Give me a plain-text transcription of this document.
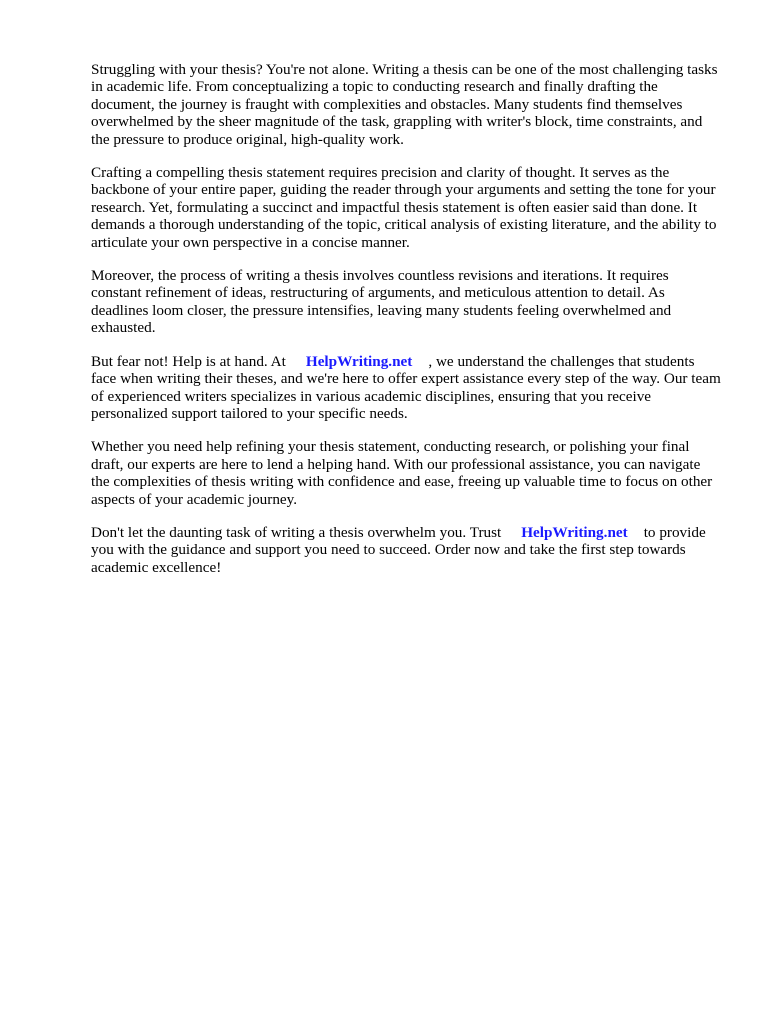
Struggling with your thesis? You're not alone. Writing a thesis can be one of the most challenging tasks in academic life. From conceptualizing a topic to conducting research and finally drafting the document, the journey is fraught with complexities and obstacles. Many students find themselves overwhelmed by the sheer magnitude of the task, grappling with writer's block, time constraints, and the pressure to produce original, high-quality work.

Crafting a compelling thesis statement requires precision and clarity of thought. It serves as the backbone of your entire paper, guiding the reader through your arguments and setting the tone for your research. Yet, formulating a succinct and impactful thesis statement is often easier said than done. It demands a thorough understanding of the topic, critical analysis of existing literature, and the ability to articulate your own perspective in a concise manner.

Moreover, the process of writing a thesis involves countless revisions and iterations. It requires constant refinement of ideas, restructuring of arguments, and meticulous attention to detail. As deadlines loom closer, the pressure intensifies, leaving many students feeling overwhelmed and exhausted.

But fear not! Help is at hand. At HelpWriting.net , we understand the challenges that students face when writing their theses, and we're here to offer expert assistance every step of the way. Our team of experienced writers specializes in various academic disciplines, ensuring that you receive personalized support tailored to your specific needs.

Whether you need help refining your thesis statement, conducting research, or polishing your final draft, our experts are here to lend a helping hand. With our professional assistance, you can navigate the complexities of thesis writing with confidence and ease, freeing up valuable time to focus on other aspects of your academic journey.

Don't let the daunting task of writing a thesis overwhelm you. Trust HelpWriting.net to provide you with the guidance and support you need to succeed. Order now and take the first step towards academic excellence!
